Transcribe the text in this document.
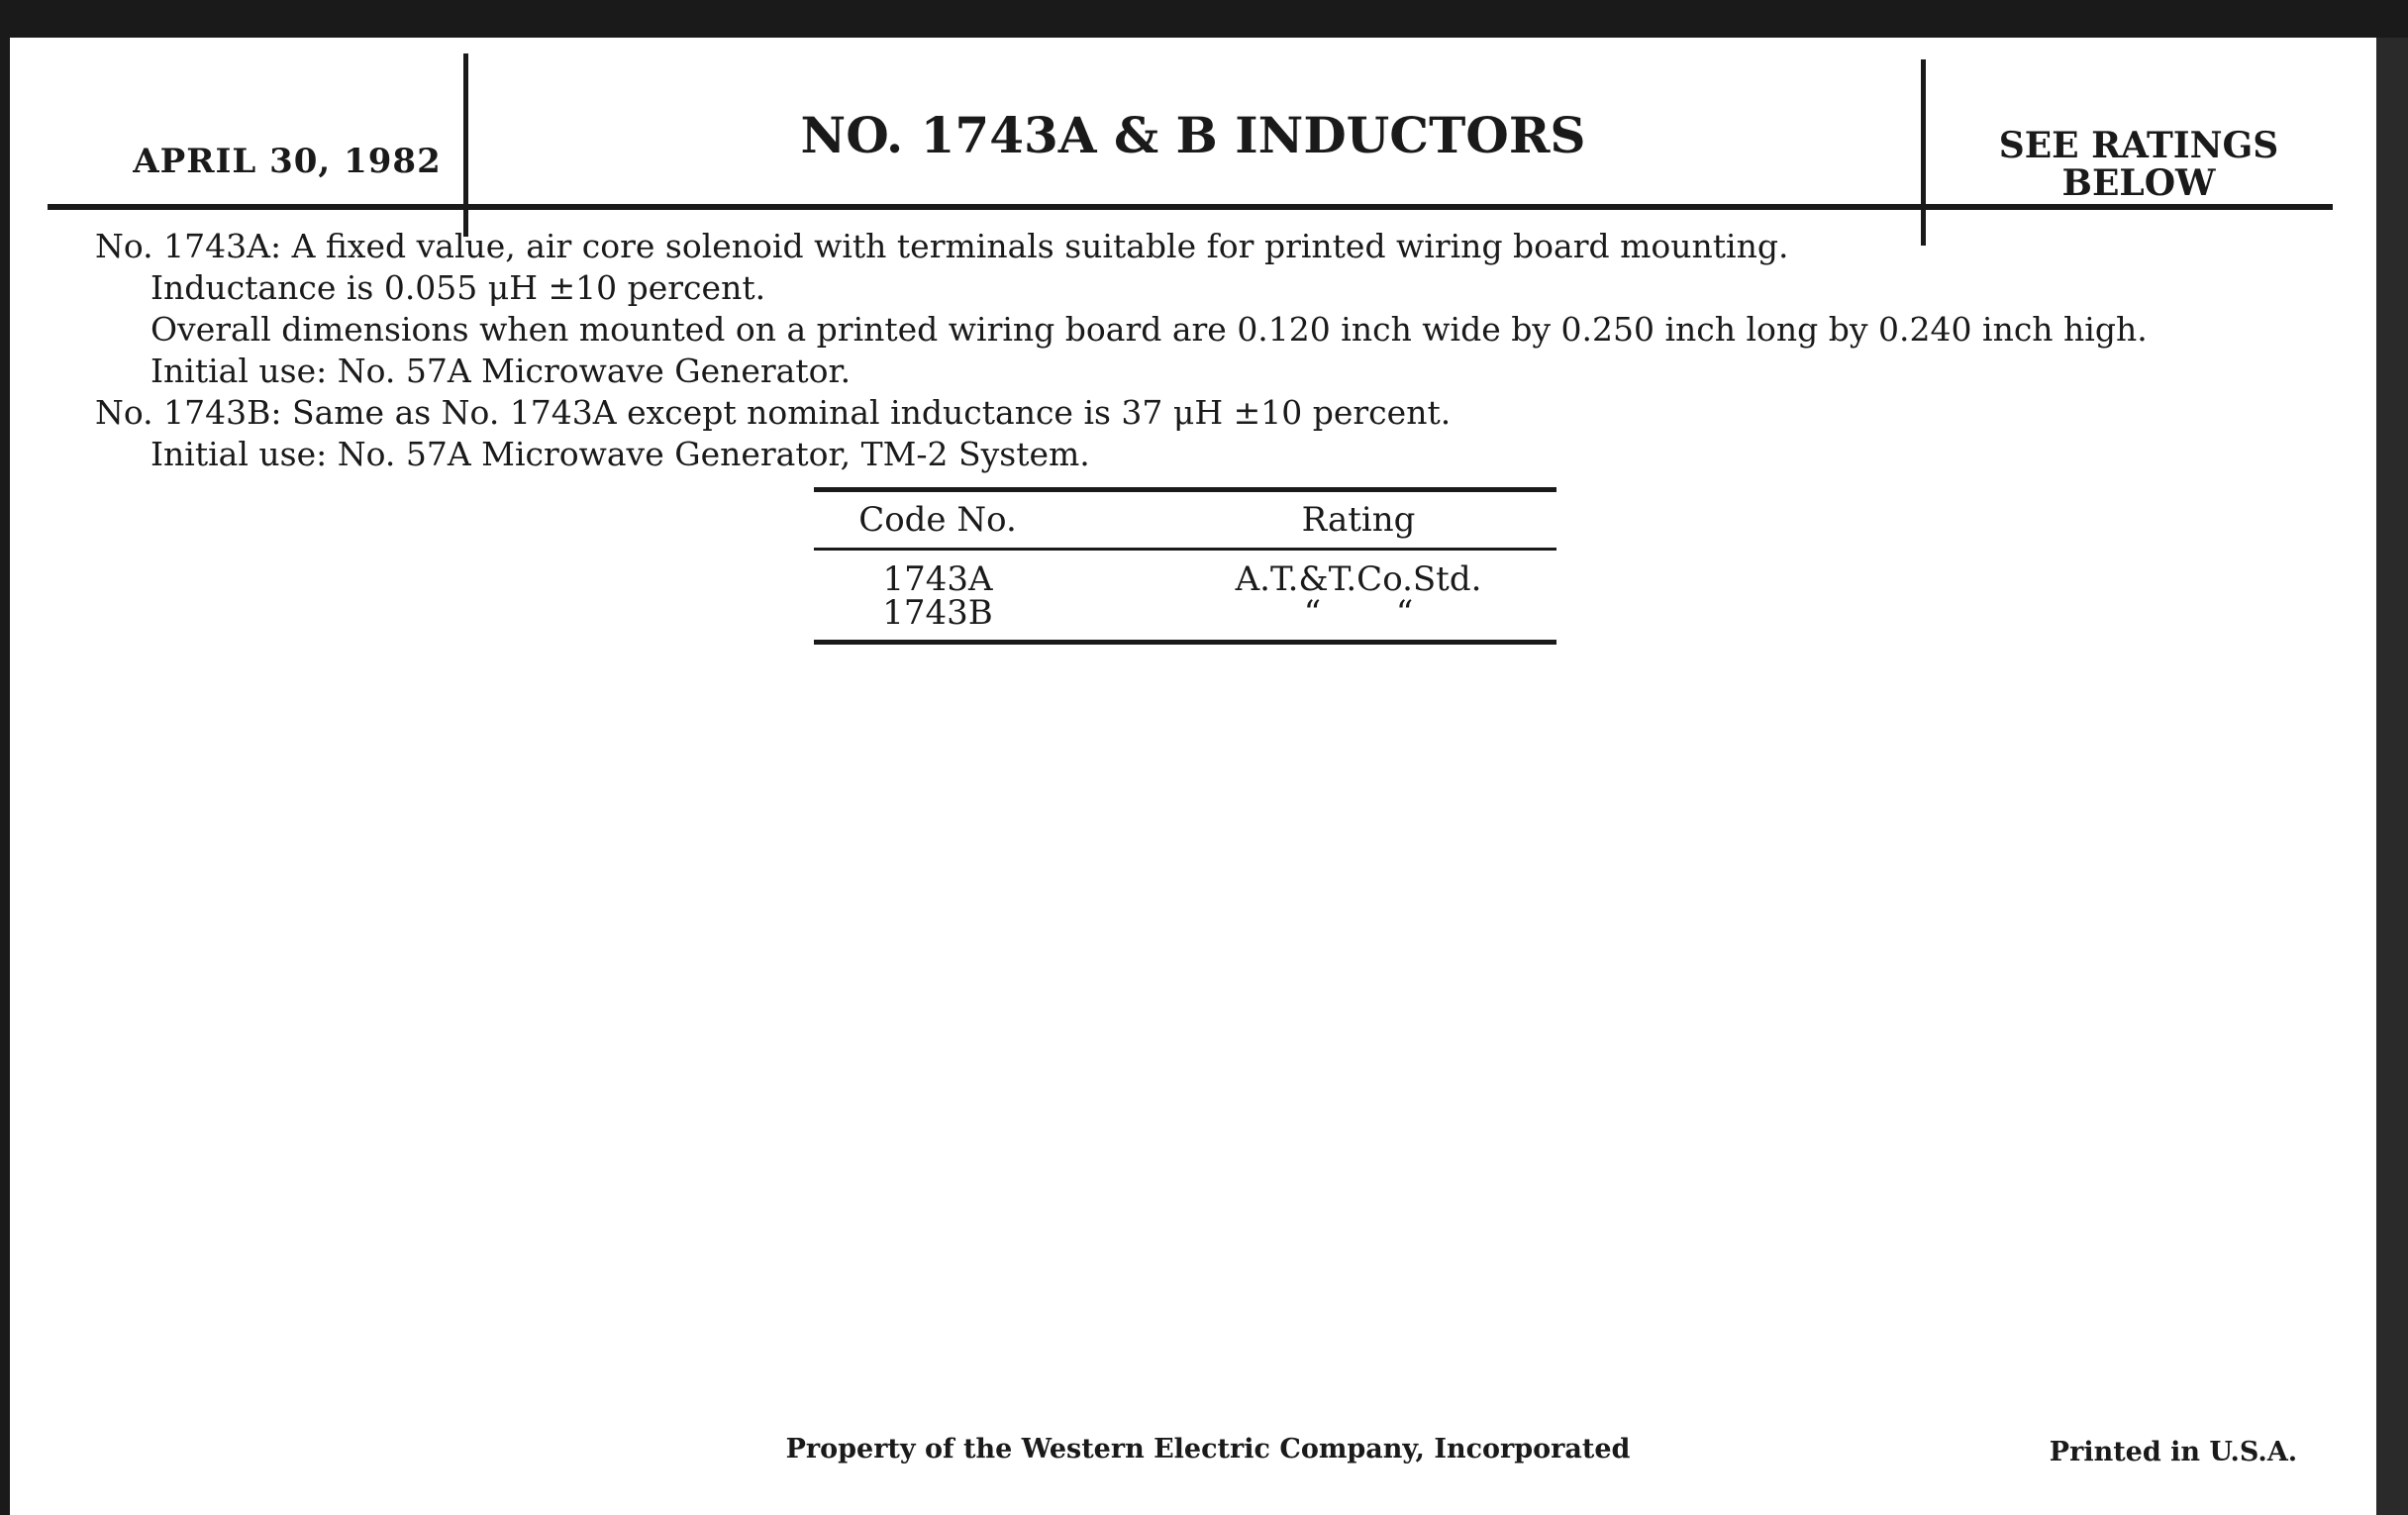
APRIL 30, 1982	NO. 1743A & B INDUCTORS	SEE RATINGS
BELOW

No. 1743A: A fixed value, air core solenoid with terminals suitable for printed wiring board mounting.

Inductance is 0.055 μH ±10 percent.

Overall dimensions when mounted on a printed wiring board are 0.120 inch wide by 0.250 inch long by 0.240 inch high.

Initial use: No. 57A Microwave Generator.

No. 1743B: Same as No. 1743A except nominal inductance is 37 μH ±10 percent.

Initial use: No. 57A Microwave Generator, TM-2 System.

Code No.	Rating
1743A	A.T.&T.Co.Std.
1743B	“       “
Property of the Western Electric Company, Incorporated	Printed in U.S.A.
